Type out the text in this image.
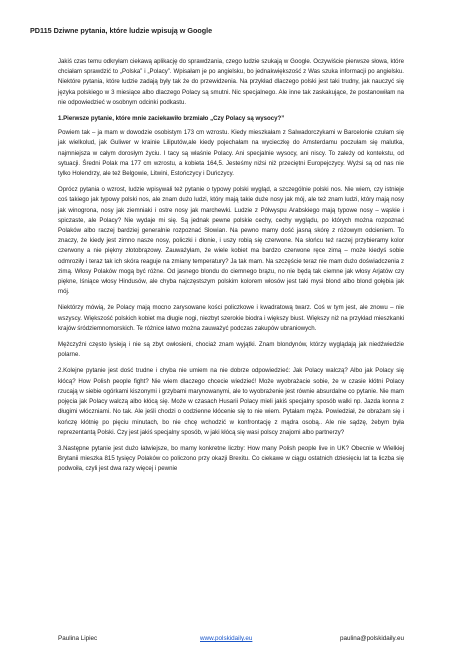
PD115 Dziwne pytania, które ludzie wpisują w Google

Jakiś czas temu odkryłam ciekawą aplikację do sprawdzania, czego ludzie szukają w Google. Oczywiście pierwsze słowa, które chciałam sprawdzić to „Polska” i „Polacy”. Wpisałam je po angielsku, bo jednakwiększość z Was szuka informacji po angielsku. Niektóre pytania, które ludzie zadają były tak że do przewidzenia. Na przykład dlaczego polski jest taki trudny, jak nauczyć się języka polskiego w 3 miesiące albo dlaczego Polacy są smutni. Nic specjalnego. Ale inne tak zaskakujące, że postanowiłam na nie odpowiedzieć w osobnym odcinki podkastu.

1.Pierwsze pytanie, które mnie zaciekawiło brzmiało „Czy Polacy są wysocy?”

Powiem tak – ja mam w dowodzie osobistym 173 cm wzrostu. Kiedy mieszkałam z Salwadorczykami w Barcelonie czułam się jak wielkolud, jak Guliwer w krainie Liliputów,ale kiedy pojechałam na wycieczkę do Amsterdamu poczułam się malutka, najmniejsza w całym dorosłym życiu. I tacy są właśnie Polacy. Ani specjalnie wysocy, ani niscy. To zależy od kontekstu, od sytuacji. Średni Polak ma 177 cm wzrostu, a kobieta 164,5. Jesteśmy niżsi niż przeciętni Europejczycy. Wyżsi są od nas nie tylko Holendrzy, ale też Belgowie, Litwini, Estończycy i Duńczycy.

Oprócz pytania o wzrost, ludzie wpisywali też pytanie o typowy polski wygląd, a szczególnie polski nos. Nie wiem, czy istnieje coś takiego jak typowy polski nos, ale znam dużo ludzi, który mają takie duże nosy jak mój, ale też znam ludzi, który mają nosy jak winogrona, nosy jak ziemniaki i ostre nosy jak marchewki. Ludzie z Półwyspu Arabskiego mają typowe nosy – wąskie i spiczaste, ale Polacy? Nie wydaje mi się. Są jednak pewne polskie cechy, cechy wyglądu, po których można rozpoznać Polaków albo raczej bardziej generalnie rozpoznać Słowian. Na pewno mamy dość jasną skórę z różowym odcieniem. To znaczy, że kiedy jest zimno nasze nosy, policzki i dłonie, i uszy robią się czerwone. Na słońcu też raczej przybieramy kolor czerwony a nie piękny złotobrązowy. Zauważyłam, że wiele kobiet ma bardzo czerwone ręce zimą – może kiedyś sobie odmroziły i teraz tak ich skóra reaguje na zmiany temperatury? Ja tak mam. Na szczęście teraz nie mam dużo doświadczenia z zimą. Włosy Polaków mogą być różne. Od jasnego blondu do ciemnego brązu, no nie będą tak ciemne jak włosy Arjatów czy piękne, lśniące włosy Hindusów, ale chyba najczęstszym polskim kolorem włosów jest taki mysi blond albo blond gołębia jak mój.

Niektórzy mówią, że Polacy mają mocno zarysowane kości policzkowe i kwadratową twarz. Coś w tym jest, ale znowu – nie wszyscy. Większość polskich kobiet ma długie nogi, niezbyt szerokie biodra i większy biust. Większy niż na przykład mieszkanki krajów śródziemnomorskich. Te różnice łatwo można zauważyć podczas zakupów ubraniowych.

Mężczyźni często łysieją i nie są zbyt owłosieni, chociaż znam wyjątki. Znam blondynów, którzy wyglądają jak niedźwiedzie polarne.

2.Kolejne pytanie jest dość trudne i chyba nie umiem na nie dobrze odpowiedzieć: Jak Polacy walczą? Albo jak Polacy się kłócą? How Polish people fight? Nie wiem dlaczego chcecie wiedzieć! Może wyobrażacie sobie, że w czasie kłótni Polacy rzucają w siebie ogórkami kiszonymi i grzybami marynowanymi, ale to wyobrażenie jest równie absurdalne co pytanie. Nie mam pojęcia jak Polacy walczą albo kłócą się. Może w czasach Husarii Polacy mieli jakiś specjalny sposób walki np. Jazda konna z długimi włóczniami. No tak. Ale jeśli chodzi o codzienne kłócenie się to nie wiem. Pytałam męża. Powiedział, że obrażam się i kończę kłótnię po pięciu minutach, bo nie chcę wchodzić w konfrontację z mądra osobą.. Ale nie sądzę, żebym była reprezentantą Polski. Czy jest jakiś specjalny sposób, w jaki kłócą się wasi polscy znajomi albo partnerzy?

3.Następne pytanie jest dużo łatwiejsze, bo mamy konkretne liczby: How many Polish people live in UK? Obecnie w Wielkiej Brytanii mieszka 815 tysięcy Polaków co policzono przy okazji Brexitu. Co ciekawe w ciągu ostatnich dziesięciu lat ta liczba się podwoiła, czyli jest dwa razy więcej i pewnie

Paulina Lipiec	www.polskidaily.eu	paulina@polskidaily.eu
